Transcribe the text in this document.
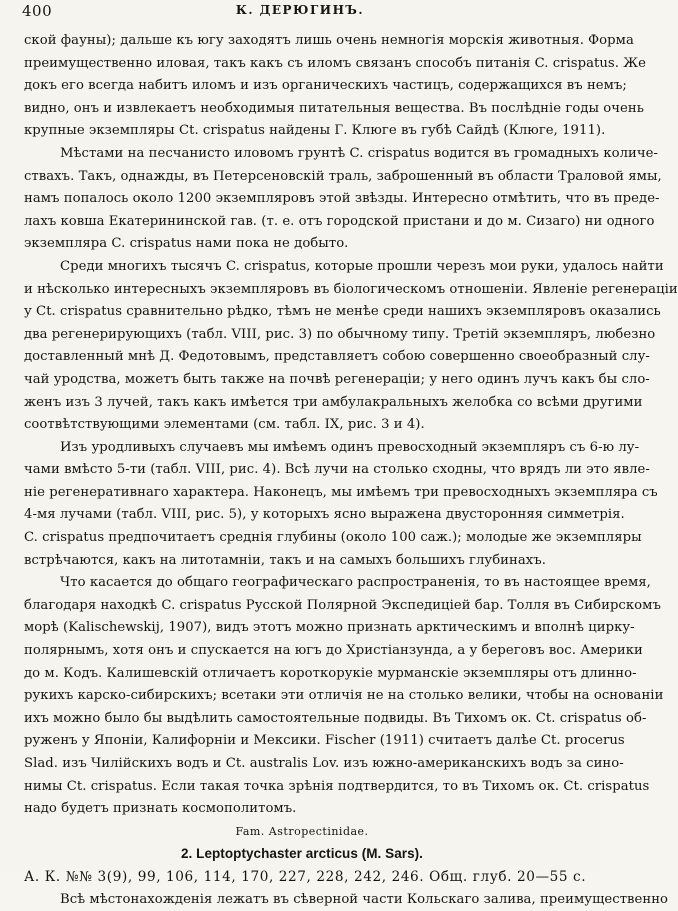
400	К. ДЕРЮГИНЪ.
ской фауны); дальше къ югу заходятъ лишь очень немногія морскія животныя. Форма
преимущественно иловая, такъ какъ съ иломъ связанъ способъ питанія C. crispatus. Же
докъ его всегда набитъ иломъ и изъ органическихъ частицъ, содержащихся въ немъ;
видно, онъ и извлекаетъ необходимыя питательныя вещества. Въ послѣдніе годы очень
крупные экземпляры Ct. crispatus найдены Г. Клюге въ губѣ Сайдѣ (Клюге, 1911).
Мѣстами на песчанисто иловомъ грунтѣ C. crispatus водится въ громадныхъ количе-
ствахъ. Такъ, однажды, въ Петерсеновскій траль, заброшенный въ области Траловой ямы,
намъ попалось около 1200 экземпляровъ этой звѣзды. Интересно отмѣтить, что въ преде-
лахъ ковша Екатерининской гав. (т. е. отъ городской пристани и до м. Сизаго) ни одного
экземпляра C. crispatus нами пока не добыто.
Среди многихъ тысячъ C. crispatus, которые прошли черезъ мои руки, удалось найти
и нѣсколько интересныхъ экземпляровъ въ біологическомъ отношеніи. Явленіе регенераціи
у Ct. crispatus сравнительно рѣдко, тѣмъ не менѣе среди нашихъ экземпляровъ оказались
два регенерирующихъ (табл. VIII, рис. 3) по обычному типу. Третій экземпляръ, любезно
доставленный мнѣ Д. Федотовымъ, представляетъ собою совершенно своеобразный слу-
чай уродства, можетъ быть также на почвѣ регенераціи; у него одинъ лучъ какъ бы сло-
женъ изъ 3 лучей, такъ какъ имѣется три амбулакральныхъ желобка со всѣми другими
соотвѣтствующими элементами (см. табл. IX, рис. 3 и 4).
Изъ уродливыхъ случаевъ мы имѣемъ одинъ превосходный экземпляръ съ 6-ю лу-
чами вмѣсто 5-ти (табл. VIII, рис. 4). Всѣ лучи на столько сходны, что врядъ ли это явле-
ніе регенеративнаго характера. Наконецъ, мы имѣемъ три превосходныхъ экземпляра съ
4-мя лучами (табл. VIII, рис. 5), у которыхъ ясно выражена двусторонняя симметрія.
C. crispatus предпочитаетъ среднія глубины (около 100 саж.); молодые же экземпляры
встрѣчаются, какъ на литотамніи, такъ и на самыхъ большихъ глубинахъ.
Что касается до общаго географическаго распространенія, то въ настоящее время,
благодаря находкѣ C. crispatus Русской Полярной Экспедиціей бар. Толля въ Сибирскомъ
морѣ (Kalischewskij, 1907), видъ этотъ можно признать арктическимъ и вполнѣ цирку-
полярнымъ, хотя онъ и спускается на югъ до Христіанзунда, а у береговъ вос. Америки
до м. Кодъ. Калишевскій отличаетъ короткорукіе мурманскіе экземпляры отъ длинно-
рукихъ карско-сибирскихъ; всетаки эти отличія не на столько велики, чтобы на основаніи
ихъ можно было бы выдѣлить самостоятельные подвиды. Въ Тихомъ ок. Ct. crispatus об-
руженъ у Японіи, Калифорніи и Мексики. Fischer (1911) считаетъ далѣе Ct. procerus
Slad. изъ Чилійскихъ водъ и Ct. australis Lov. изъ южно-американскихъ водъ за сино-
нимы Ct. crispatus. Если такая точка зрѣнія подтвердится, то въ Тихомъ ок. Ct. crispatus
надо будетъ признать космополитомъ.
Fam. Astropectinidae.
2. Leptoptychaster arcticus (M. Sars).
А. К. №№ 3(9), 99, 106, 114, 170, 227, 228, 242, 246. Общ. глуб. 20—55 с.
Всѣ мѣстонахожденія лежатъ въ сѣверной части Кольскаго залива, преимущественно
